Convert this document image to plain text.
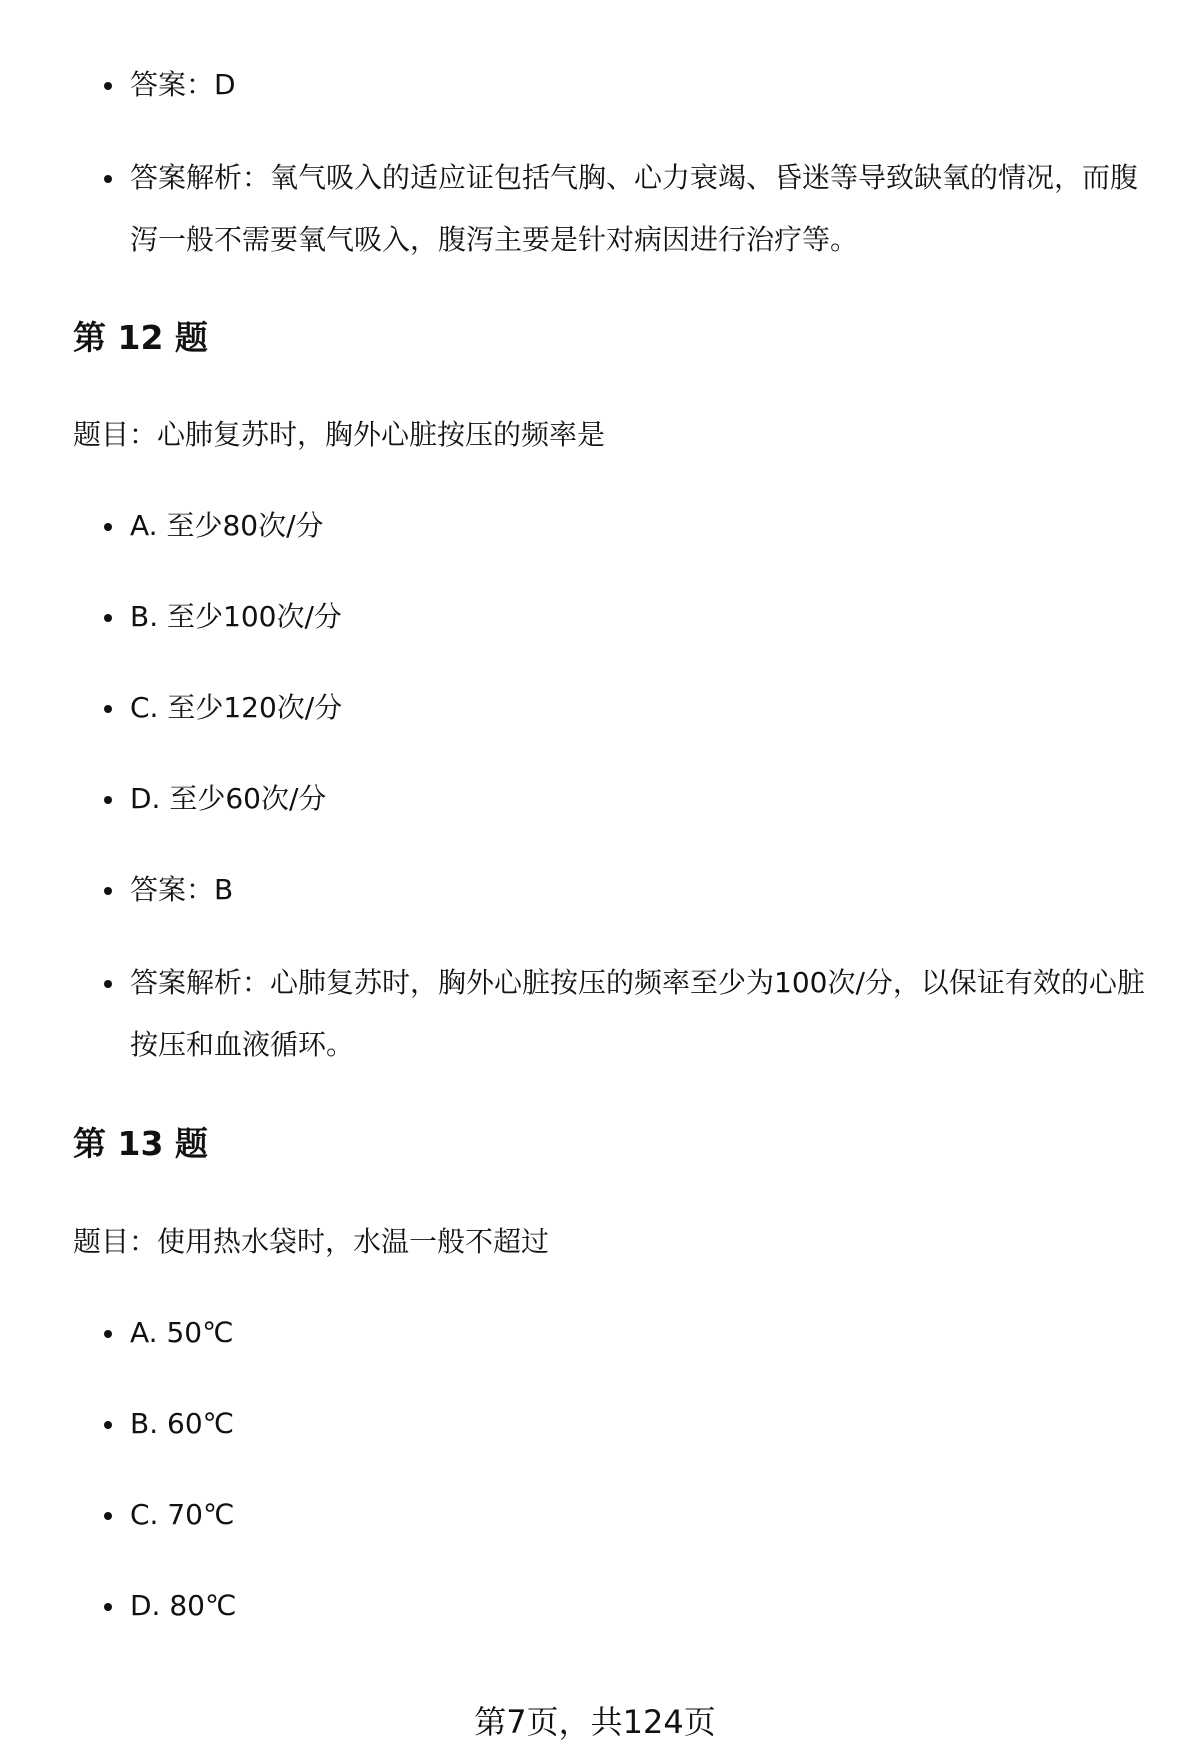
答案：D
答案解析：氧气吸入的适应证包括气胸、心力衰竭、昏迷等导致缺氧的情况，而腹泻一般不需要氧气吸入，腹泻主要是针对病因进行治疗等。
第 12 题
题目：心肺复苏时，胸外心脏按压的频率是
A. 至少80次/分
B. 至少100次/分
C. 至少120次/分
D. 至少60次/分
答案：B
答案解析：心肺复苏时，胸外心脏按压的频率至少为100次/分，以保证有效的心脏按压和血液循环。
第 13 题
题目：使用热水袋时，水温一般不超过
A. 50℃
B. 60℃
C. 70℃
D. 80℃
第7页，共124页
